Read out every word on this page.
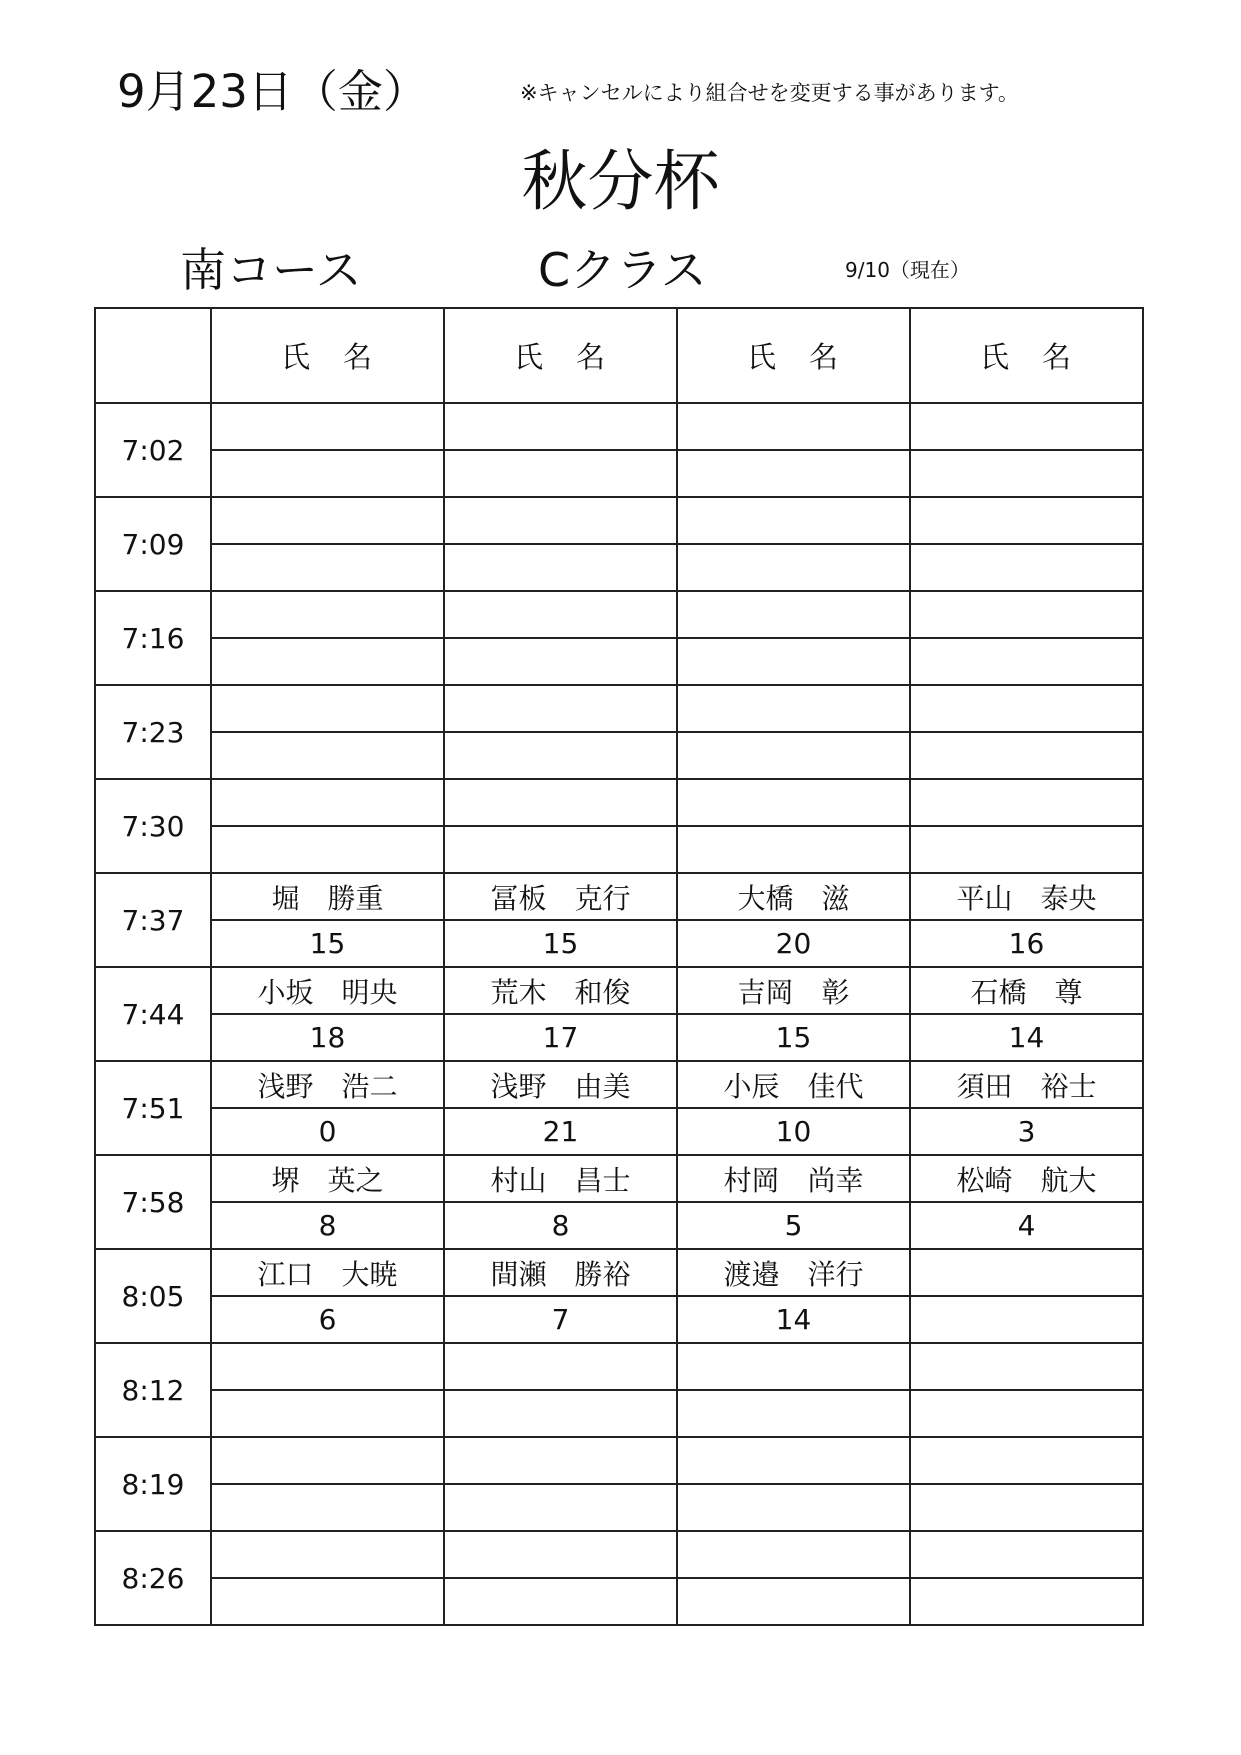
9月23日（金）	※キャンセルにより組合せを変更する事があります。
秋分杯
南コース	Cクラス	9/10（現在）
	氏　名	氏　名	氏　名	氏　名
7:02				

7:09				

7:16				

7:23				

7:30				

7:37	堀　勝重	冨板　克行	大橋　滋	平山　泰央
	15	15	20	16
7:44	小坂　明央	荒木　和俊	吉岡　彰	石橋　尊
	18	17	15	14
7:51	浅野　浩二	浅野　由美	小辰　佳代	須田　裕士
	0	21	10	3
7:58	堺　英之	村山　昌士	村岡　尚幸	松崎　航大
	8	8	5	4
8:05	江口　大暁	間瀬　勝裕	渡邉　洋行	
	6	7	14	
8:12				

8:19				

8:26				
